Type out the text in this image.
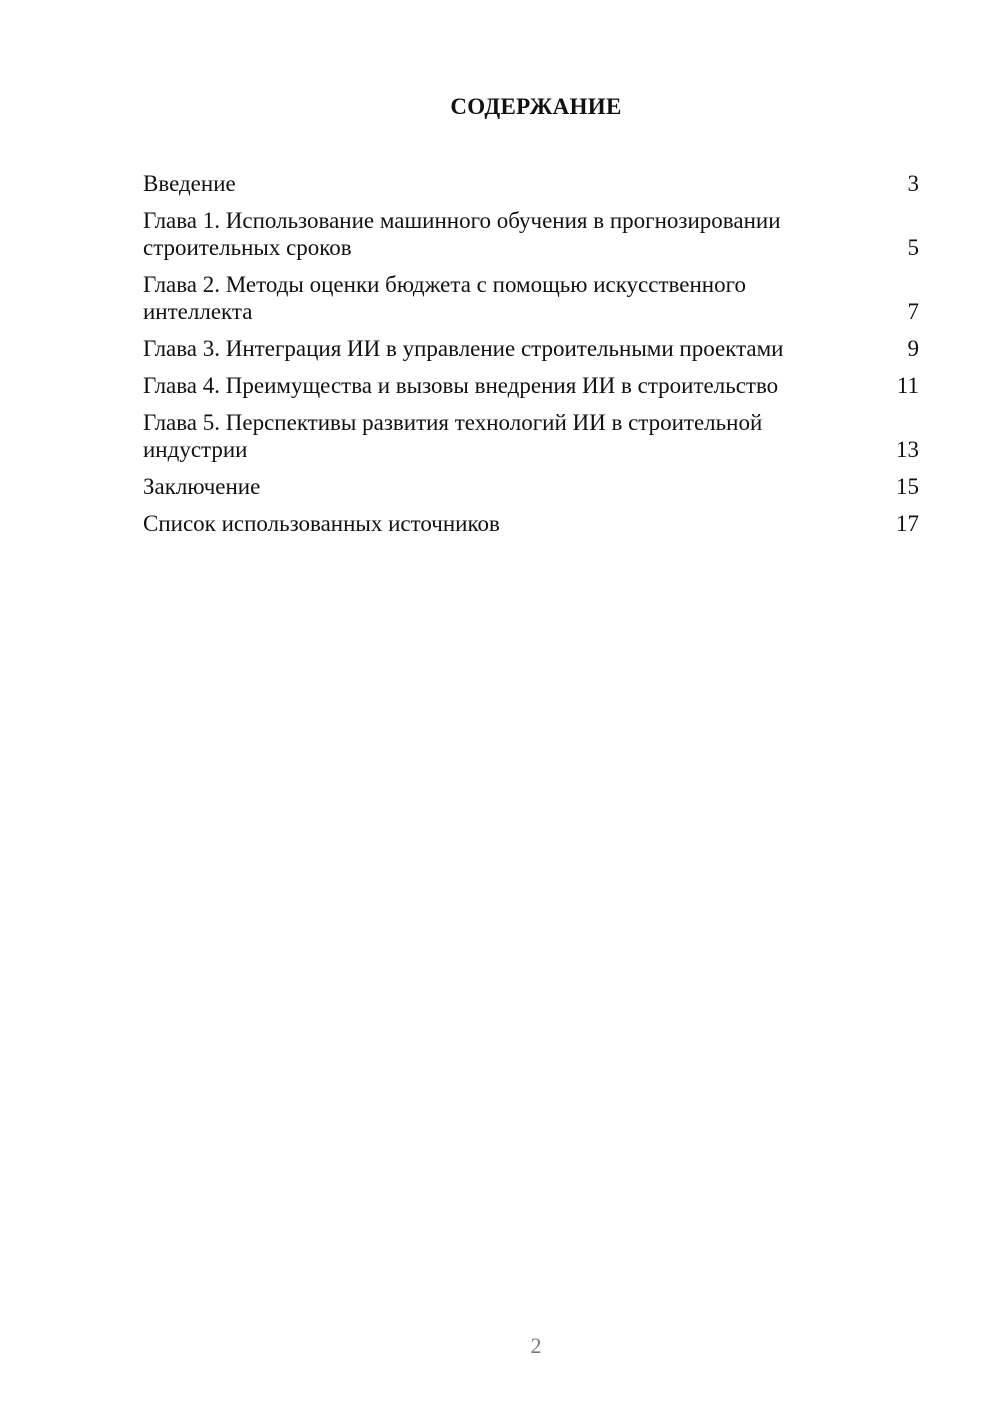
СОДЕРЖАНИЕ
Введение	3
Глава 1. Использование машинного обучения в прогнозировании строительных сроков	5
Глава 2. Методы оценки бюджета с помощью искусственного интеллекта	7
Глава 3. Интеграция ИИ в управление строительными проектами	9
Глава 4. Преимущества и вызовы внедрения ИИ в строительство	11
Глава 5. Перспективы развития технологий ИИ в строительной индустрии	13
Заключение	15
Список использованных источников	17
2
